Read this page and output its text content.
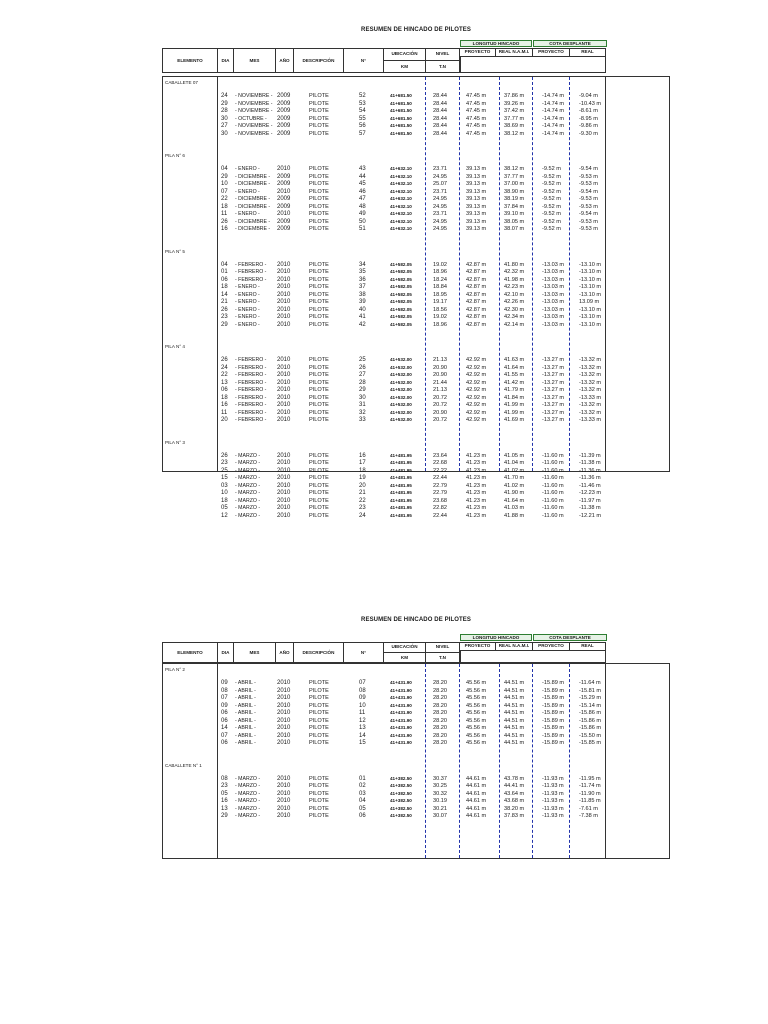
RESUMEN DE HINCADO DE PILOTES
LONGITUD HINCADO	COTA DESPLANTE
ELEMENTO	DIA	MES	AÑO	DESCRIPCIÓN	N°
UBICACIÓN
KM
NIVEL
T.N
PROYECTO	REAL N.A.M.I.	PROYECTO	REAL
CABALLETE 07
24 - NOVIEMBRE - 2009	PILOTE	52	41+681.50	28.44	47.45 m	37.86 m	-14.74 m	-9.04 m
29 - NOVIEMBRE - 2009	PILOTE	53	41+681.50	28.44	47.45 m	39.26 m	-14.74 m	-10.43 m
28 - NOVIEMBRE - 2009	PILOTE	54	41+681.50	28.44	47.45 m	37.42 m	-14.74 m	-8.61 m
30 - OCTUBRE - 2009	PILOTE	55	41+681.50	28.44	47.45 m	37.77 m	-14.74 m	-8.95 m
27 - NOVIEMBRE - 2009	PILOTE	56	41+681.50	28.44	47.45 m	38.69 m	-14.74 m	-9.86 m
30 - NOVIEMBRE - 2009	PILOTE	57	41+681.50	28.44	47.45 m	38.12 m	-14.74 m	-9.30 m
PILA N° 6
04 - ENERO -	2010	PILOTE	43	41+632.10	23.71	39.13 m	38.12 m	-9.52 m	-9.54 m
29 - DICIEMBRE - 2009	PILOTE	44	41+632.10	24.95	39.13 m	37.77 m	-9.52 m	-9.53 m
10 - DICIEMBRE - 2009	PILOTE	45	41+632.10	25.07	39.13 m	37.00 m	-9.52 m	-9.53 m
07 - ENERO -	2010	PILOTE	46	41+632.10	23.71	39.13 m	38.90 m	-9.52 m	-9.54 m
22 - DICIEMBRE - 2009	PILOTE	47	41+632.10	24.95	39.13 m	38.19 m	-9.52 m	-9.53 m
18 - DICIEMBRE - 2009	PILOTE	48	41+632.10	24.95	39.13 m	37.84 m	-9.52 m	-9.53 m
11 - ENERO -	2010	PILOTE	49	41+632.10	23.71	39.13 m	39.10 m	-9.52 m	-9.54 m
26 - DICIEMBRE - 2009	PILOTE	50	41+632.10	24.95	39.13 m	38.05 m	-9.52 m	-9.53 m
16 - DICIEMBRE - 2009	PILOTE	51	41+632.10	24.95	39.13 m	38.07 m	-9.52 m	-9.53 m
PILA N° 5
04 - FEBRERO - 2010	PILOTE	34	41+582.05	19.02	42.87 m	41.80 m	-13.03 m	-13.10 m
01 - FEBRERO - 2010	PILOTE	35	41+582.05	18.96	42.87 m	42.32 m	-13.03 m	-13.10 m
06 - FEBRERO - 2010	PILOTE	36	41+582.05	18.24	42.87 m	41.98 m	-13.03 m	-13.10 m
18 - ENERO -	2010	PILOTE	37	41+582.05	18.84	42.87 m	42.23 m	-13.03 m	-13.10 m
14 - ENERO -	2010	PILOTE	38	41+582.05	18.95	42.87 m	42.10 m	-13.03 m	-13.10 m
21 - ENERO -	2010	PILOTE	39	41+582.05	19.17	42.87 m	42.26 m	-13.03 m	13.09 m
26 - ENERO -	2010	PILOTE	40	41+582.05	18.56	42.87 m	42.30 m	-13.03 m	-13.10 m
23 - ENERO -	2010	PILOTE	41	41+582.05	19.02	42.87 m	42.34 m	-13.03 m	-13.10 m
29 - ENERO -	2010	PILOTE	42	41+582.05	18.96	42.87 m	42.14 m	-13.03 m	-13.10 m
PILA N° 4
26 - FEBRERO - 2010	PILOTE	25	41+532.00	21.13	42.92 m	41.63 m	-13.27 m	-13.32 m
24 - FEBRERO - 2010	PILOTE	26	41+532.00	20.90	42.92 m	41.64 m	-13.27 m	-13.32 m
22 - FEBRERO - 2010	PILOTE	27	41+532.00	20.90	42.92 m	41.55 m	-13.27 m	-13.32 m
13 - FEBRERO - 2010	PILOTE	28	41+532.00	21.44	42.92 m	41.42 m	-13.27 m	-13.32 m
06 - FEBRERO - 2010	PILOTE	29	41+532.00	21.13	42.92 m	41.79 m	-13.27 m	-13.32 m
18 - FEBRERO - 2010	PILOTE	30	41+532.00	20.72	42.92 m	41.84 m	-13.27 m	-13.33 m
16 - FEBRERO - 2010	PILOTE	31	41+532.00	20.72	42.92 m	41.99 m	-13.27 m	-13.32 m
11 - FEBRERO - 2010	PILOTE	32	41+532.00	20.90	42.92 m	41.99 m	-13.27 m	-13.32 m
20 - FEBRERO - 2010	PILOTE	33	41+532.00	20.72	42.92 m	41.69 m	-13.27 m	-13.33 m
PILA N° 3
26 - MARZO -	2010	PILOTE	16	41+481.95	23.64	41.23 m	41.05 m	-11.60 m	-11.39 m
23 - MARZO -	2010	PILOTE	17	41+481.95	22.68	41.23 m	41.04 m	-11.60 m	-11.38 m
25 - MARZO -	2010	PILOTE	18	41+481.95	22.22	41.23 m	41.02 m	-11.60 m	-11.36 m
15 - MARZO -	2010	PILOTE	19	41+481.95	22.44	41.23 m	41.70 m	-11.60 m	-11.36 m
03 - MARZO -	2010	PILOTE	20	41+481.95	22.79	41.23 m	41.02 m	-11.60 m	-11.46 m
10 - MARZO -	2010	PILOTE	21	41+481.95	22.79	41.23 m	41.90 m	-11.60 m	-12.23 m
18 - MARZO -	2010	PILOTE	22	41+481.95	23.68	41.23 m	41.64 m	-11.60 m	-11.97 m
05 - MARZO -	2010	PILOTE	23	41+481.95	22.82	41.23 m	41.03 m	-11.60 m	-11.38 m
12 - MARZO -	2010	PILOTE	24	41+481.95	22.44	41.23 m	41.88 m	-11.60 m	-12.21 m
RESUMEN DE HINCADO DE PILOTES
LONGITUD HINCADO	COTA DESPLANTE
ELEMENTO	DIA	MES	AÑO	DESCRIPCIÓN	N°
UBICACIÓN
KM
NIVEL
T.N
PROYECTO	REAL N.A.M.I.	PROYECTO	REAL
PILA N° 2
09 - ABRIL -	2010	PILOTE	07	41+431.90	28.20	45.56 m	44.51 m	-15.89 m	-11.64 m
08 - ABRIL -	2010	PILOTE	08	41+431.90	28.20	45.56 m	44.51 m	-15.89 m	-15.81 m
07 - ABRIL -	2010	PILOTE	09	41+431.90	28.20	45.56 m	44.51 m	-15.89 m	-15.29 m
09 - ABRIL -	2010	PILOTE	10	41+431.90	28.20	45.56 m	44.51 m	-15.89 m	-15.14 m
06 - ABRIL -	2010	PILOTE	11	41+431.90	28.20	45.56 m	44.51 m	-15.89 m	-15.86 m
06 - ABRIL -	2010	PILOTE	12	41+431.90	28.20	45.56 m	44.51 m	-15.89 m	-15.86 m
14 - ABRIL -	2010	PILOTE	13	41+431.90	28.20	45.56 m	44.51 m	-15.89 m	-15.86 m
07 - ABRIL -	2010	PILOTE	14	41+431.90	28.20	45.56 m	44.51 m	-15.89 m	-15.50 m
06 - ABRIL -	2010	PILOTE	15	41+431.90	28.20	45.56 m	44.51 m	-15.89 m	-15.85 m
CABALLETE N° 1
08 - MARZO -	2010	PILOTE	01	41+382.50	30.37	44.61 m	43.78 m	-11.93 m	-11.95 m
23 - MARZO -	2010	PILOTE	02	41+382.50	30.25	44.61 m	44.41 m	-11.93 m	-11.74 m
05 - MARZO -	2010	PILOTE	03	41+382.50	30.32	44.61 m	43.64 m	-11.93 m	-11.90 m
16 - MARZO -	2010	PILOTE	04	41+382.50	30.19	44.61 m	43.68 m	-11.93 m	-11.85 m
13 - MARZO -	2010	PILOTE	05	41+382.50	30.21	44.61 m	38.20 m	-11.93 m	-7.61 m
29 - MARZO -	2010	PILOTE	06	41+382.50	30.07	44.61 m	37.83 m	-11.93 m	-7.38 m
